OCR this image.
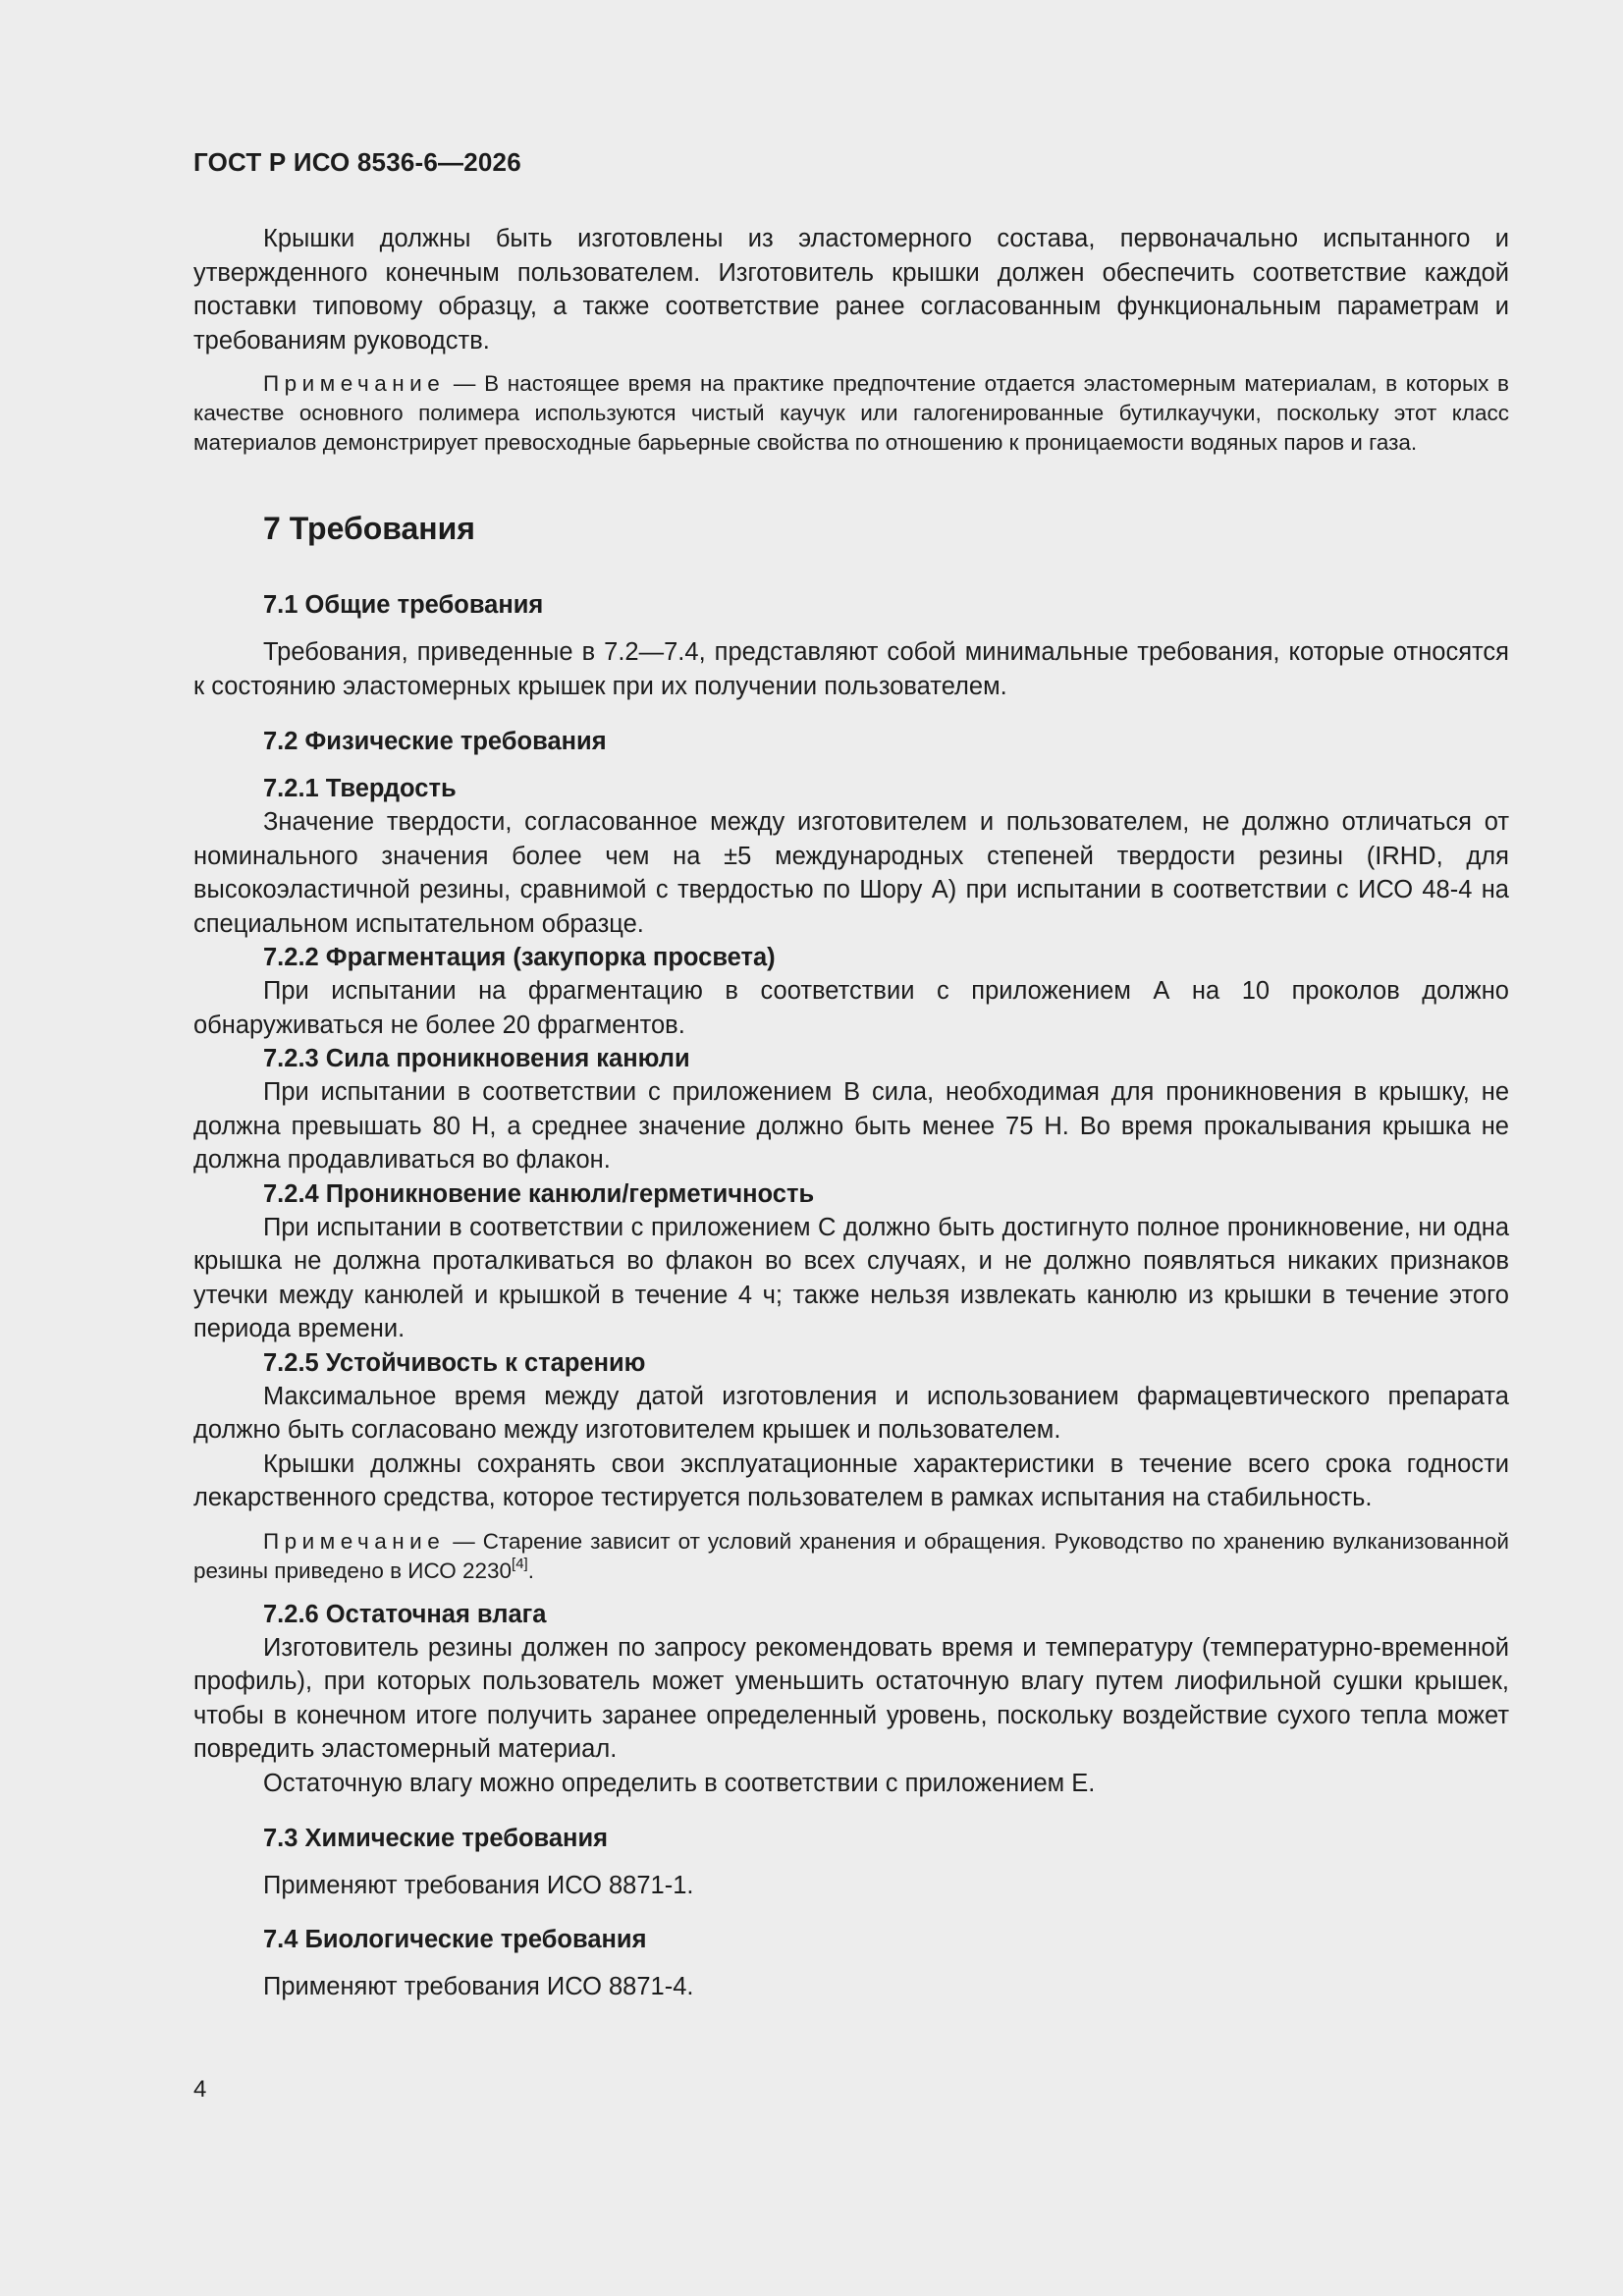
ГОСТ Р ИСО 8536-6—2026

Крышки должны быть изготовлены из эластомерного состава, первоначально испытанного и утвержденного конечным пользователем. Изготовитель крышки должен обеспечить соответствие каждой поставки типовому образцу, а также соответствие ранее согласованным функциональным параметрам и требованиям руководств.

Примечание — В настоящее время на практике предпочтение отдается эластомерным материалам, в которых в качестве основного полимера используются чистый каучук или галогенированные бутилкаучуки, поскольку этот класс материалов демонстрирует превосходные барьерные свойства по отношению к проницаемости водяных паров и газа.

7 Требования
7.1 Общие требования

Требования, приведенные в 7.2—7.4, представляют собой минимальные требования, которые относятся к состоянию эластомерных крышек при их получении пользователем.

7.2 Физические требования
7.2.1 Твердость

Значение твердости, согласованное между изготовителем и пользователем, не должно отличаться от номинального значения более чем на ±5 международных степеней твердости резины (IRHD, для высокоэластичной резины, сравнимой с твердостью по Шору А) при испытании в соответствии с ИСО 48-4 на специальном испытательном образце.

7.2.2 Фрагментация (закупорка просвета)

При испытании на фрагментацию в соответствии с приложением А на 10 проколов должно обнаруживаться не более 20 фрагментов.

7.2.3 Сила проникновения канюли

При испытании в соответствии с приложением В сила, необходимая для проникновения в крышку, не должна превышать 80 Н, а среднее значение должно быть менее 75 Н. Во время прокалывания крышка не должна продавливаться во флакон.

7.2.4 Проникновение канюли/герметичность

При испытании в соответствии с приложением С должно быть достигнуто полное проникновение, ни одна крышка не должна проталкиваться во флакон во всех случаях, и не должно появляться никаких признаков утечки между канюлей и крышкой в течение 4 ч; также нельзя извлекать канюлю из крышки в течение этого периода времени.

7.2.5 Устойчивость к старению

Максимальное время между датой изготовления и использованием фармацевтического препарата должно быть согласовано между изготовителем крышек и пользователем.

Крышки должны сохранять свои эксплуатационные характеристики в течение всего срока годности лекарственного средства, которое тестируется пользователем в рамках испытания на стабильность.

Примечание — Старение зависит от условий хранения и обращения. Руководство по хранению вулканизованной резины приведено в ИСО 2230[4].

7.2.6 Остаточная влага

Изготовитель резины должен по запросу рекомендовать время и температуру (температурно-временной профиль), при которых пользователь может уменьшить остаточную влагу путем лиофильной сушки крышек, чтобы в конечном итоге получить заранее определенный уровень, поскольку воздействие сухого тепла может повредить эластомерный материал.

Остаточную влагу можно определить в соответствии с приложением Е.

7.3 Химические требования

Применяют требования ИСО 8871-1.

7.4 Биологические требования

Применяют требования ИСО 8871-4.

4
